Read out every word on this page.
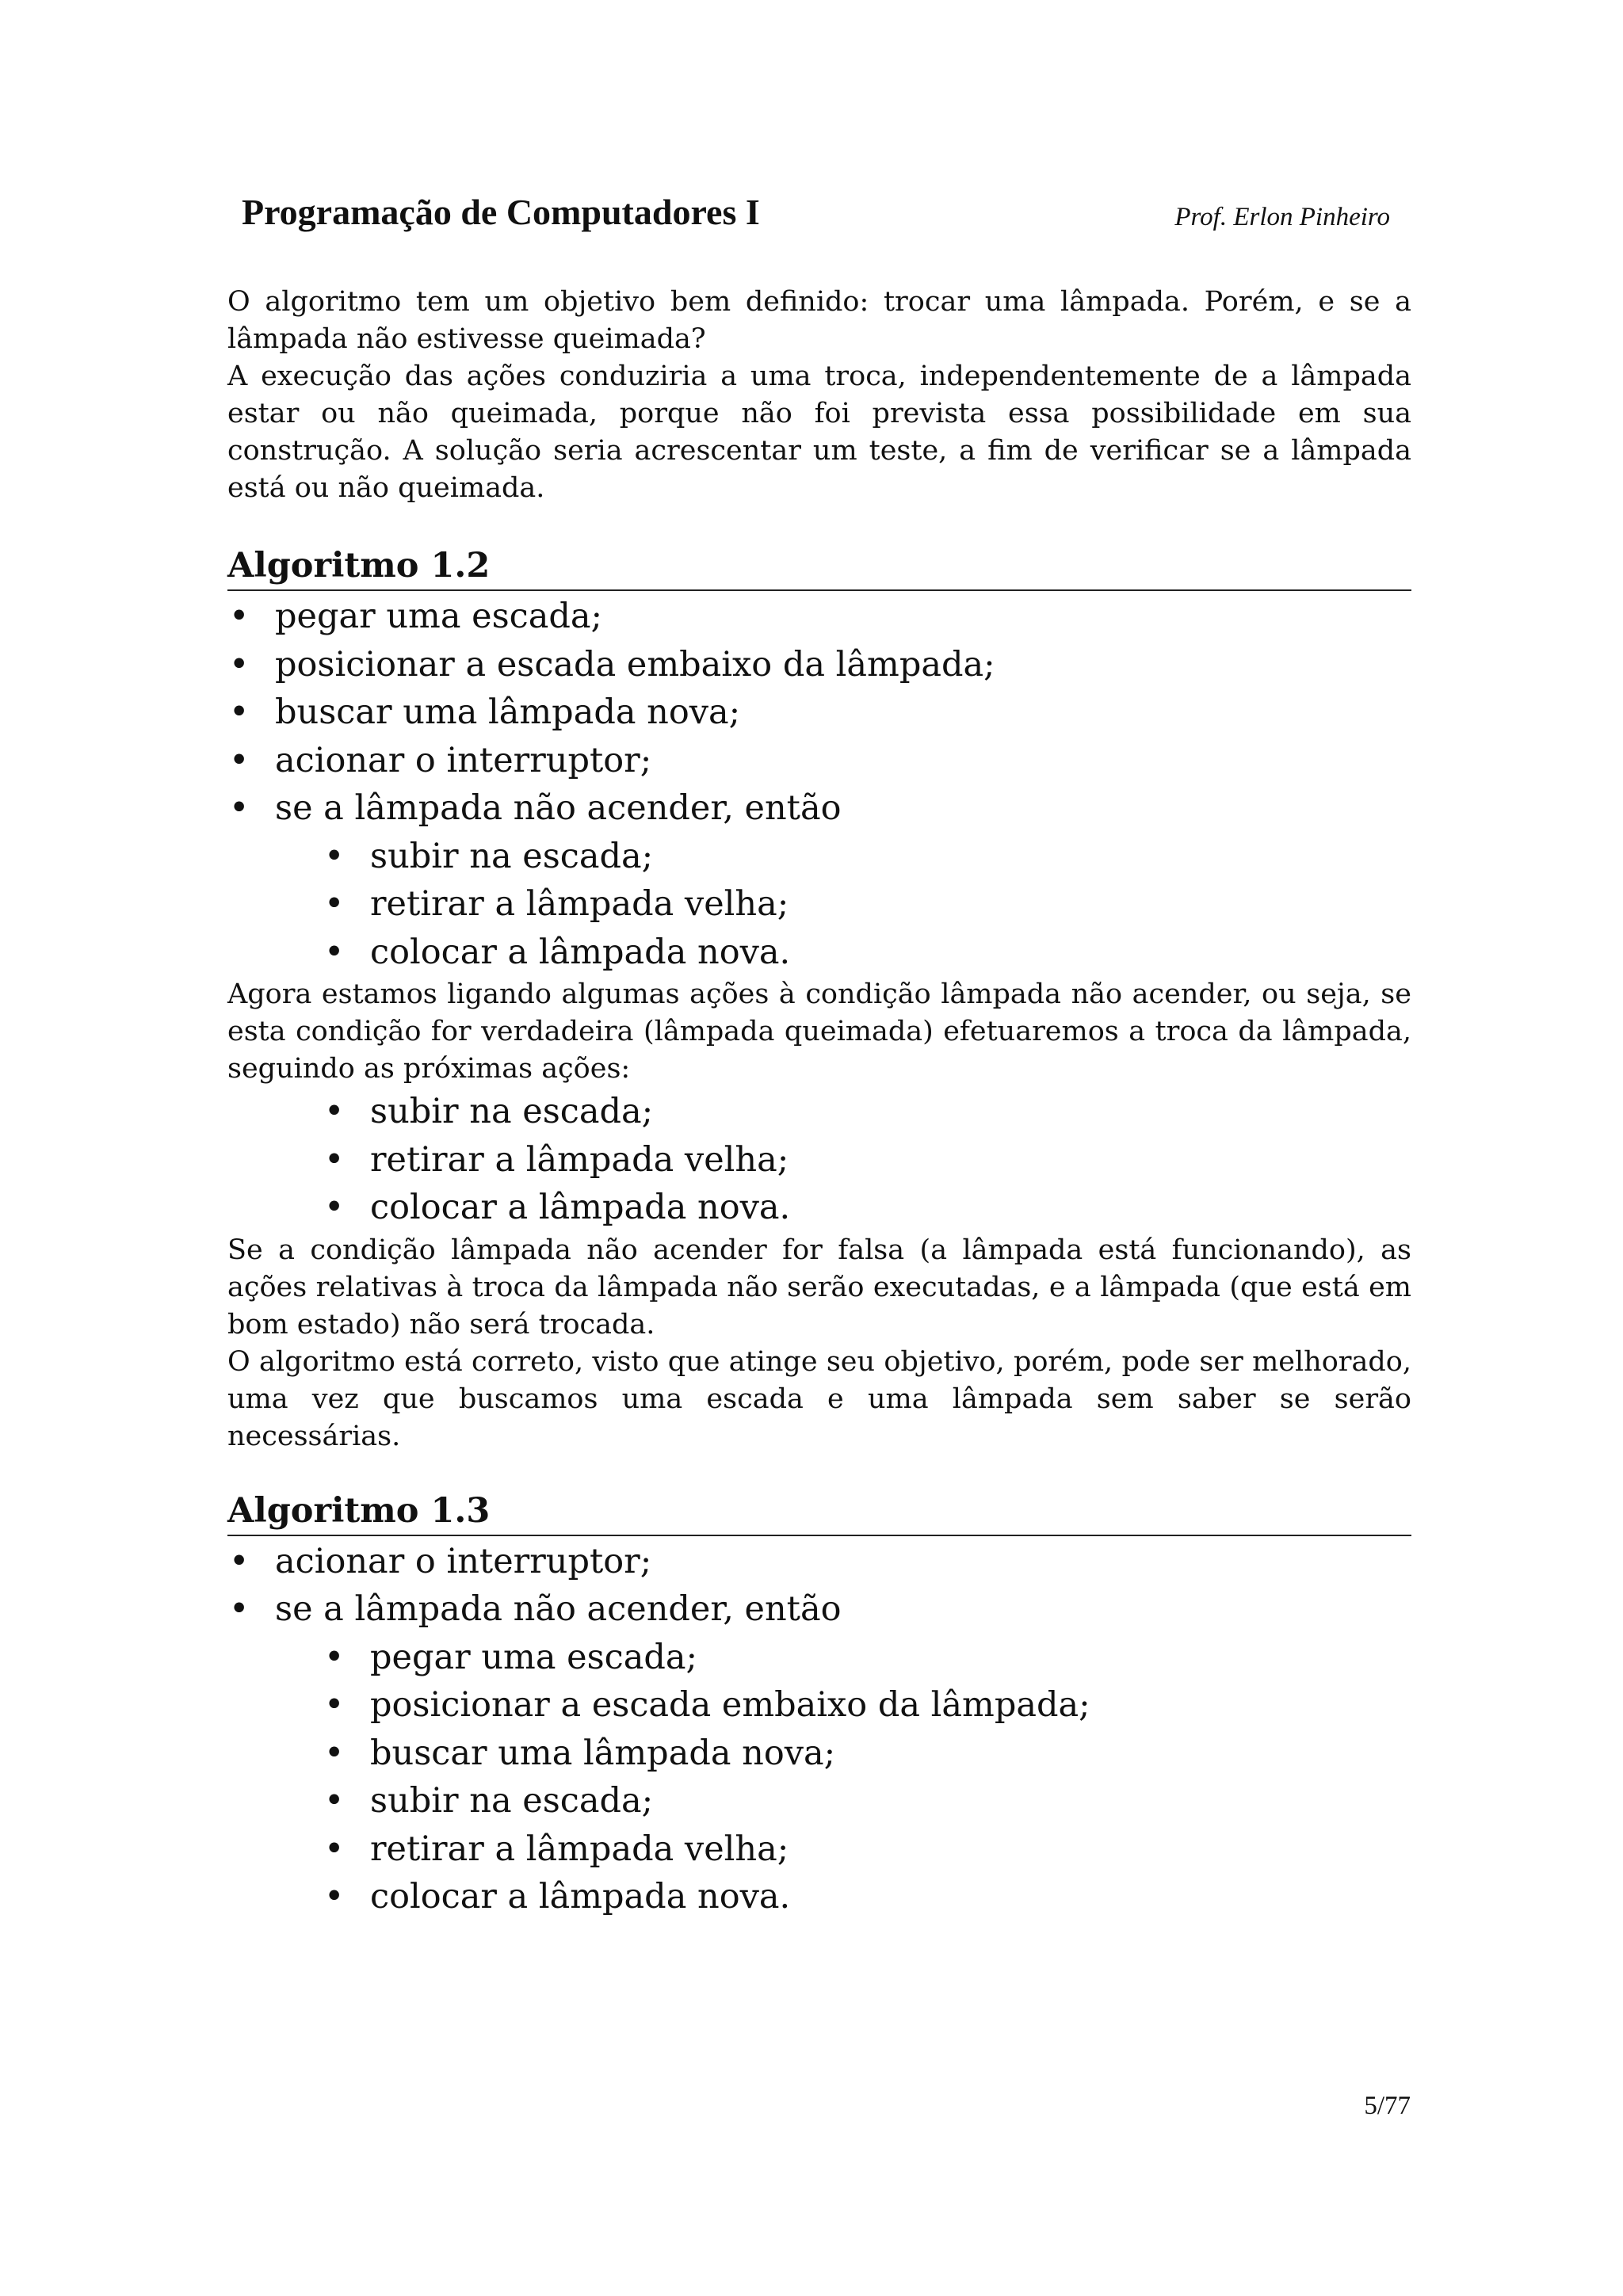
Programação de Computadores I	Prof. Erlon Pinheiro

O algoritmo tem um objetivo bem definido: trocar uma lâmpada. Porém, e se a lâmpada não estivesse queimada?

A execução das ações conduziria a uma troca, independentemente de a lâmpada estar ou não queimada, porque não foi prevista essa possibilidade em sua construção. A solução seria acrescentar um teste, a fim de verificar se a lâmpada está ou não queimada.

Algoritmo 1.2
• pegar uma escada;
• posicionar a escada embaixo da lâmpada;
• buscar uma lâmpada nova;
• acionar o interruptor;
• se a lâmpada não acender, então
• subir na escada;
• retirar a lâmpada velha;
• colocar a lâmpada nova.

Agora estamos ligando algumas ações à condição lâmpada não acender, ou seja, se esta condição for verdadeira (lâmpada queimada) efetuaremos a troca da lâmpada, seguindo as próximas ações:

• subir na escada;
• retirar a lâmpada velha;
• colocar a lâmpada nova.

Se a condição lâmpada não acender for falsa (a lâmpada está funcionando), as ações relativas à troca da lâmpada não serão executadas, e a lâmpada (que está em bom estado) não será trocada.

O algoritmo está correto, visto que atinge seu objetivo, porém, pode ser melhorado, uma vez que buscamos uma escada e uma lâmpada sem saber se serão necessárias.

Algoritmo 1.3
• acionar o interruptor;
• se a lâmpada não acender, então
• pegar uma escada;
• posicionar a escada embaixo da lâmpada;
• buscar uma lâmpada nova;
• subir na escada;
• retirar a lâmpada velha;
• colocar a lâmpada nova.
5/77
